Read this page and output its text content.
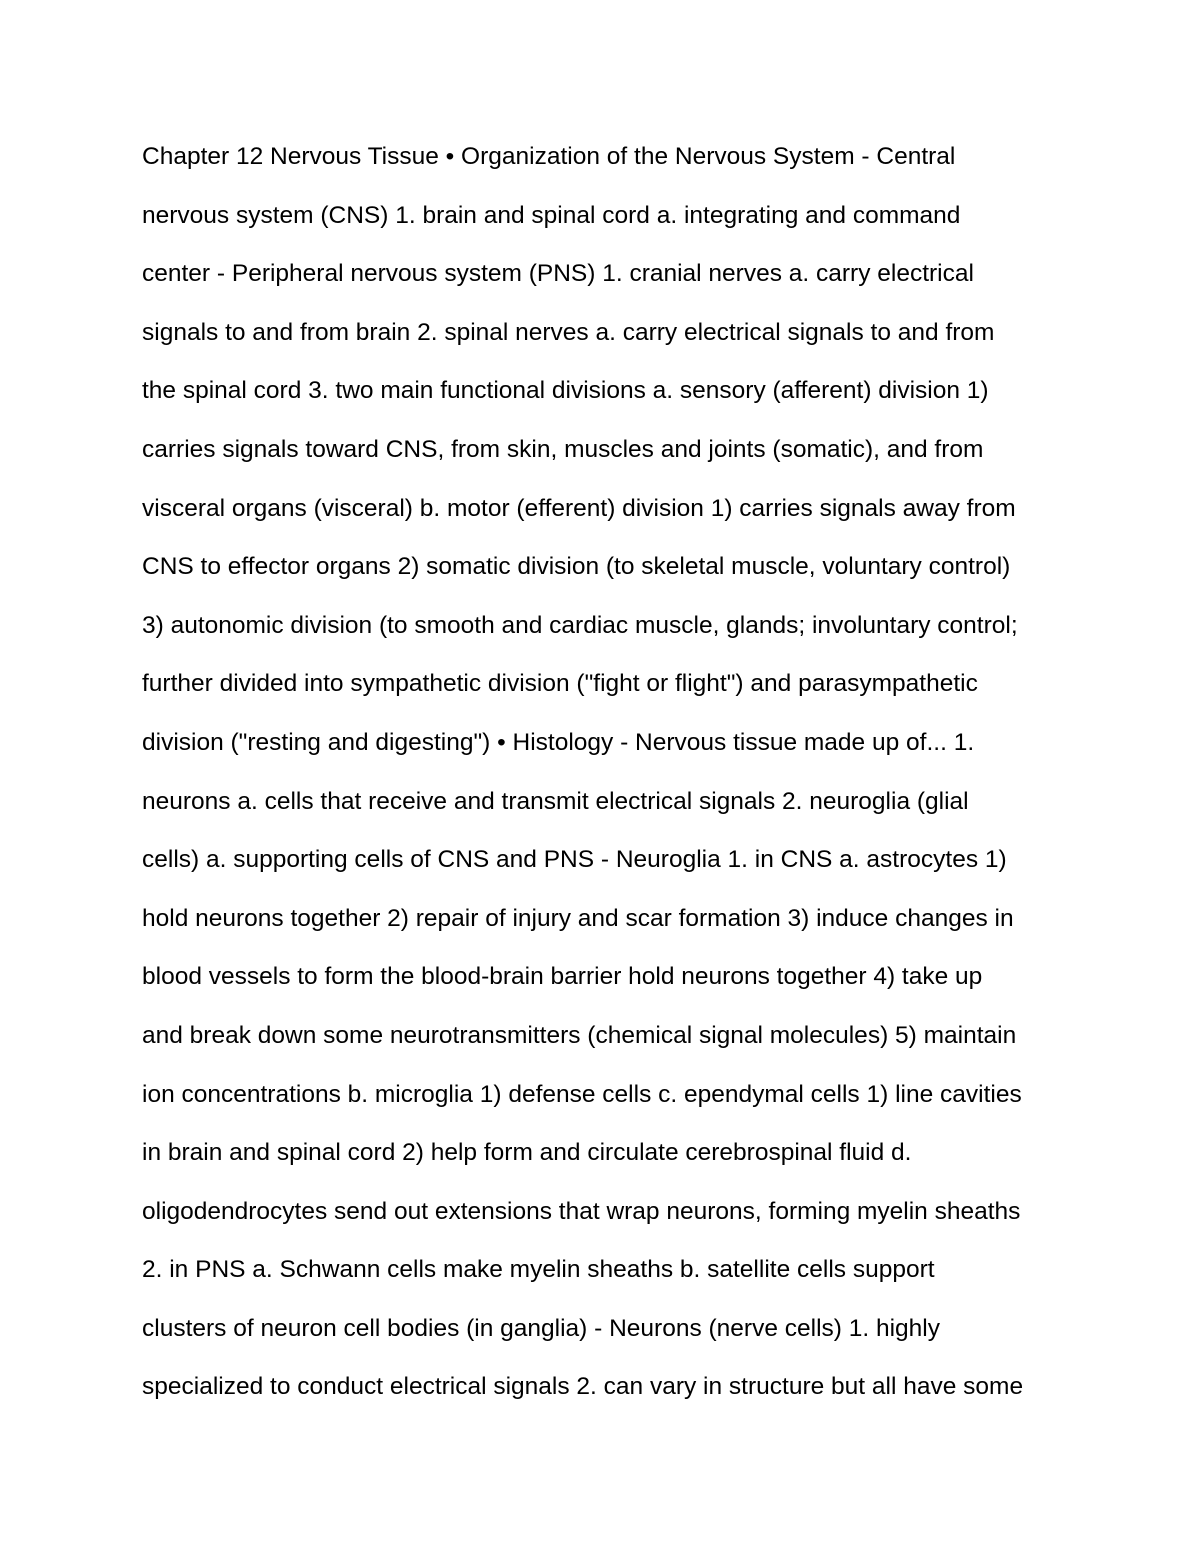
Chapter 12 Nervous Tissue • Organization of the Nervous System - Central
nervous system (CNS) 1. brain and spinal cord a. integrating and command
center - Peripheral nervous system (PNS) 1. cranial nerves a. carry electrical
signals to and from brain 2. spinal nerves a. carry electrical signals to and from
the spinal cord 3. two main functional divisions a. sensory (afferent) division 1)
carries signals toward CNS, from skin, muscles and joints (somatic), and from
visceral organs (visceral) b. motor (efferent) division 1) carries signals away from
CNS to effector organs 2) somatic division (to skeletal muscle, voluntary control)
3) autonomic division (to smooth and cardiac muscle, glands; involuntary control;
further divided into sympathetic division ("fight or flight") and parasympathetic
division ("resting and digesting") • Histology - Nervous tissue made up of... 1.
neurons a. cells that receive and transmit electrical signals 2. neuroglia (glial
cells) a. supporting cells of CNS and PNS - Neuroglia 1. in CNS a. astrocytes 1)
hold neurons together 2) repair of injury and scar formation 3) induce changes in
blood vessels to form the blood-brain barrier hold neurons together 4) take up
and break down some neurotransmitters (chemical signal molecules) 5) maintain
ion concentrations b. microglia 1) defense cells c. ependymal cells 1) line cavities
in brain and spinal cord 2) help form and circulate cerebrospinal fluid d.
oligodendrocytes send out extensions that wrap neurons, forming myelin sheaths
2. in PNS a. Schwann cells make myelin sheaths b. satellite cells support
clusters of neuron cell bodies (in ganglia) - Neurons (nerve cells) 1. highly
specialized to conduct electrical signals 2. can vary in structure but all have some
